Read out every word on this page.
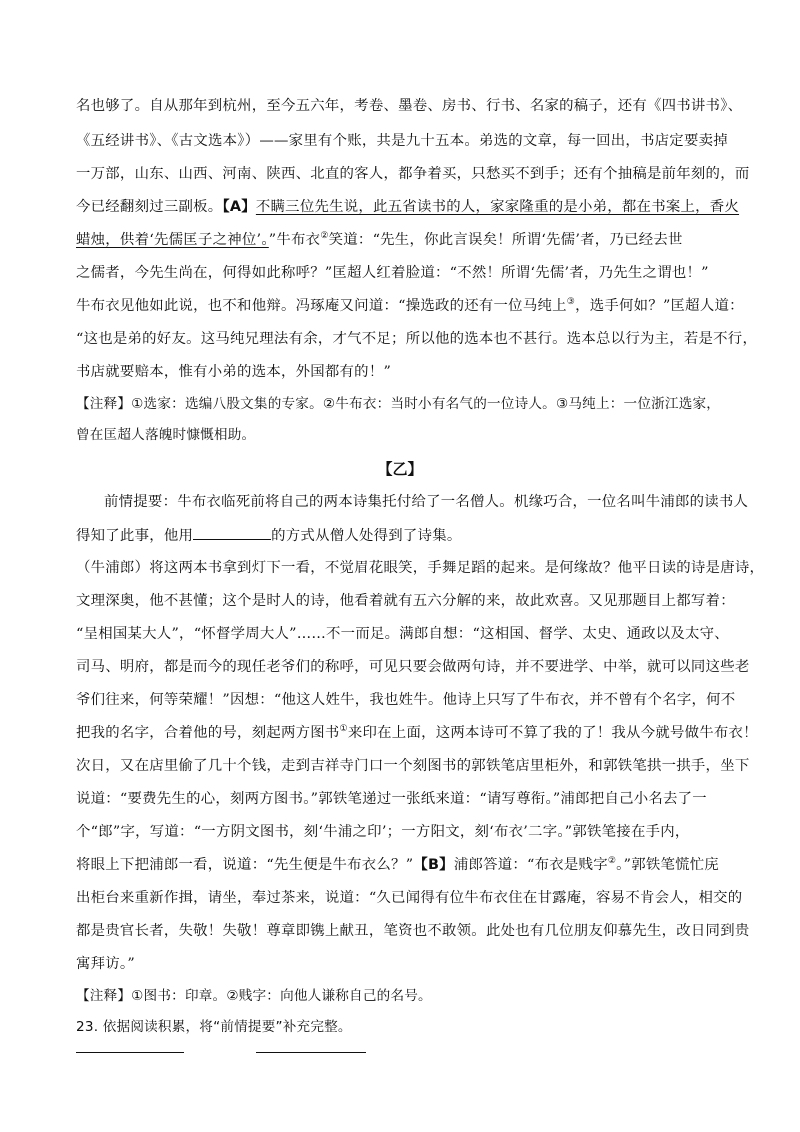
名也够了。自从那年到杭州，至今五六年，考卷、墨卷、房书、行书、名家的稿子，还有《四书讲书》、
《五经讲书》、《古文选本》）——家里有个账，共是九十五本。弟选的文章，每一回出，书店定要卖掉
一万部，山东、山西、河南、陕西、北直的客人，都争着买，只愁买不到手；还有个抽稿是前年刻的，而
今已经翻刻过三副板。【A】不瞒三位先生说，此五省读书的人，家家隆重的是小弟，都在书案上，香火
蜡烛，供着‘先儒匡子之神位’。”牛布衣②笑道：“先生，你此言误矣！所谓‘先儒’者，乃已经去世
之儒者，今先生尚在，何得如此称呼？”匡超人红着脸道：“不然！所谓‘先儒’者，乃先生之谓也！”
牛布衣见他如此说，也不和他辩。冯琢庵又问道：“操选政的还有一位马纯上③，选手何如？”匡超人道：
“这也是弟的好友。这马纯兄理法有余，才气不足；所以他的选本也不甚行。选本总以行为主，若是不行，
书店就要赔本，惟有小弟的选本，外国都有的！”
【注释】①选家：选编八股文集的专家。②牛布衣：当时小有名气的一位诗人。③马纯上：一位浙江选家，
曾在匡超人落魄时慷慨相助。
【乙】
前情提要：牛布衣临死前将自己的两本诗集托付给了一名僧人。机缘巧合，一位名叫牛浦郎的读书人
得知了此事，他用	的方式从僧人处得到了诗集。
（牛浦郎）将这两本书拿到灯下一看，不觉眉花眼笑，手舞足蹈的起来。是何缘故？他平日读的诗是唐诗，
文理深奥，他不甚懂；这个是时人的诗，他看着就有五六分解的来，故此欢喜。又见那题目上都写着：
“呈相国某大人”，“怀督学周大人”……不一而足。满郎自想：“这相国、督学、太史、通政以及太守、
司马、明府，都是而今的现任老爷们的称呼，可见只要会做两句诗，并不要进学、中举，就可以同这些老
爷们往来，何等荣耀！”因想：“他这人姓牛，我也姓牛。他诗上只写了牛布衣，并不曾有个名字，何不
把我的名字，合着他的号，刻起两方图书①来印在上面，这两本诗可不算了我的了！我从今就号做牛布衣！
次日，又在店里偷了几十个钱，走到吉祥寺门口一个刻图书的郭铁笔店里柜外，和郭铁笔拱一拱手，坐下
说道：“要费先生的心，刻两方图书。”郭铁笔递过一张纸来道：“请写尊衔。”浦郎把自己小名去了一
个“郎”字，写道：“一方阴文图书，刻‘牛浦之印’；一方阳文，刻‘布衣’二字。”郭铁笔接在手内，
将眼上下把浦郎一看，说道：“先生便是牛布衣么？”【B】浦郎答道：“布衣是贱字②。”郭铁笔慌忙庑
出柜台来重新作揖，请坐，奉过茶来，说道：“久已闻得有位牛布衣住在甘露庵，容易不肯会人，相交的
都是贵官长者，失敬！失敬！尊章即镌上献丑，笔资也不敢领。此处也有几位朋友仰慕先生，改日同到贵
寓拜访。”
【注释】①图书：印章。②贱字：向他人谦称自己的名号。
23. 依据阅读积累，将“前情提要”补充完整。
